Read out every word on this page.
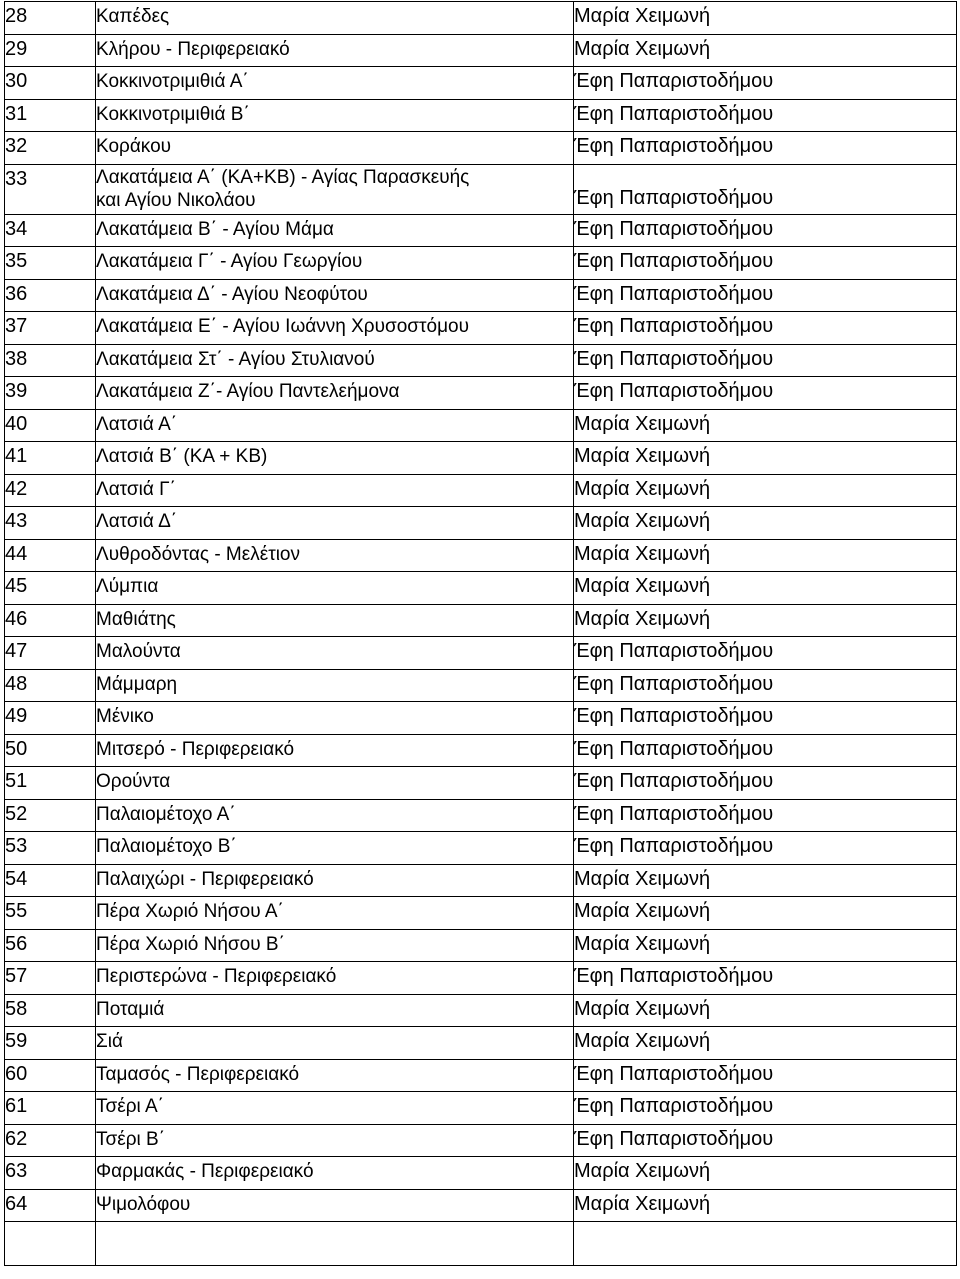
28	Καπέδες	Μαρία Χειμωνή
29	Κλήρου - Περιφερειακό	Μαρία Χειμωνή
30	Κοκκινοτριμιθιά Α΄	Έφη Παπαριστοδήμου
31	Κοκκινοτριμιθιά Β΄	Έφη Παπαριστοδήμου
32	Κοράκου	Έφη Παπαριστοδήμου
33	Λακατάμεια Α΄ (ΚΑ+ΚΒ) - Αγίας Παρασκευής
και Αγίου Νικολάου	Έφη Παπαριστοδήμου
34	Λακατάμεια Β΄ - Αγίου Μάμα	Έφη Παπαριστοδήμου
35	Λακατάμεια Γ΄ - Αγίου Γεωργίου	Έφη Παπαριστοδήμου
36	Λακατάμεια Δ΄ - Αγίου Νεοφύτου	Έφη Παπαριστοδήμου
37	Λακατάμεια Ε΄ - Αγίου Ιωάννη Χρυσοστόμου	Έφη Παπαριστοδήμου
38	Λακατάμεια Στ΄ - Αγίου Στυλιανού	Έφη Παπαριστοδήμου
39	Λακατάμεια Ζ΄- Αγίου Παντελεήμονα	Έφη Παπαριστοδήμου
40	Λατσιά Α΄	Μαρία Χειμωνή
41	Λατσιά Β΄ (ΚΑ + ΚΒ)	Μαρία Χειμωνή
42	Λατσιά Γ΄	Μαρία Χειμωνή
43	Λατσιά Δ΄	Μαρία Χειμωνή
44	Λυθροδόντας - Μελέτιον	Μαρία Χειμωνή
45	Λύμπια	Μαρία Χειμωνή
46	Μαθιάτης	Μαρία Χειμωνή
47	Μαλούντα	Έφη Παπαριστοδήμου
48	Μάμμαρη	Έφη Παπαριστοδήμου
49	Μένικο	Έφη Παπαριστοδήμου
50	Μιτσερό - Περιφερειακό	Έφη Παπαριστοδήμου
51	Ορούντα	Έφη Παπαριστοδήμου
52	Παλαιομέτοχο Α΄	Έφη Παπαριστοδήμου
53	Παλαιομέτοχο Β΄	Έφη Παπαριστοδήμου
54	Παλαιχώρι - Περιφερειακό	Μαρία Χειμωνή
55	Πέρα Χωριό Νήσου Α΄	Μαρία Χειμωνή
56	Πέρα Χωριό Νήσου Β΄	Μαρία Χειμωνή
57	Περιστερώνα - Περιφερειακό	Έφη Παπαριστοδήμου
58	Ποταμιά	Μαρία Χειμωνή
59	Σιά	Μαρία Χειμωνή
60	Ταμασός - Περιφερειακό	Έφη Παπαριστοδήμου
61	Τσέρι Α΄	Έφη Παπαριστοδήμου
62	Τσέρι Β΄	Έφη Παπαριστοδήμου
63	Φαρμακάς - Περιφερειακό	Μαρία Χειμωνή
64	Ψιμολόφου	Μαρία Χειμωνή
